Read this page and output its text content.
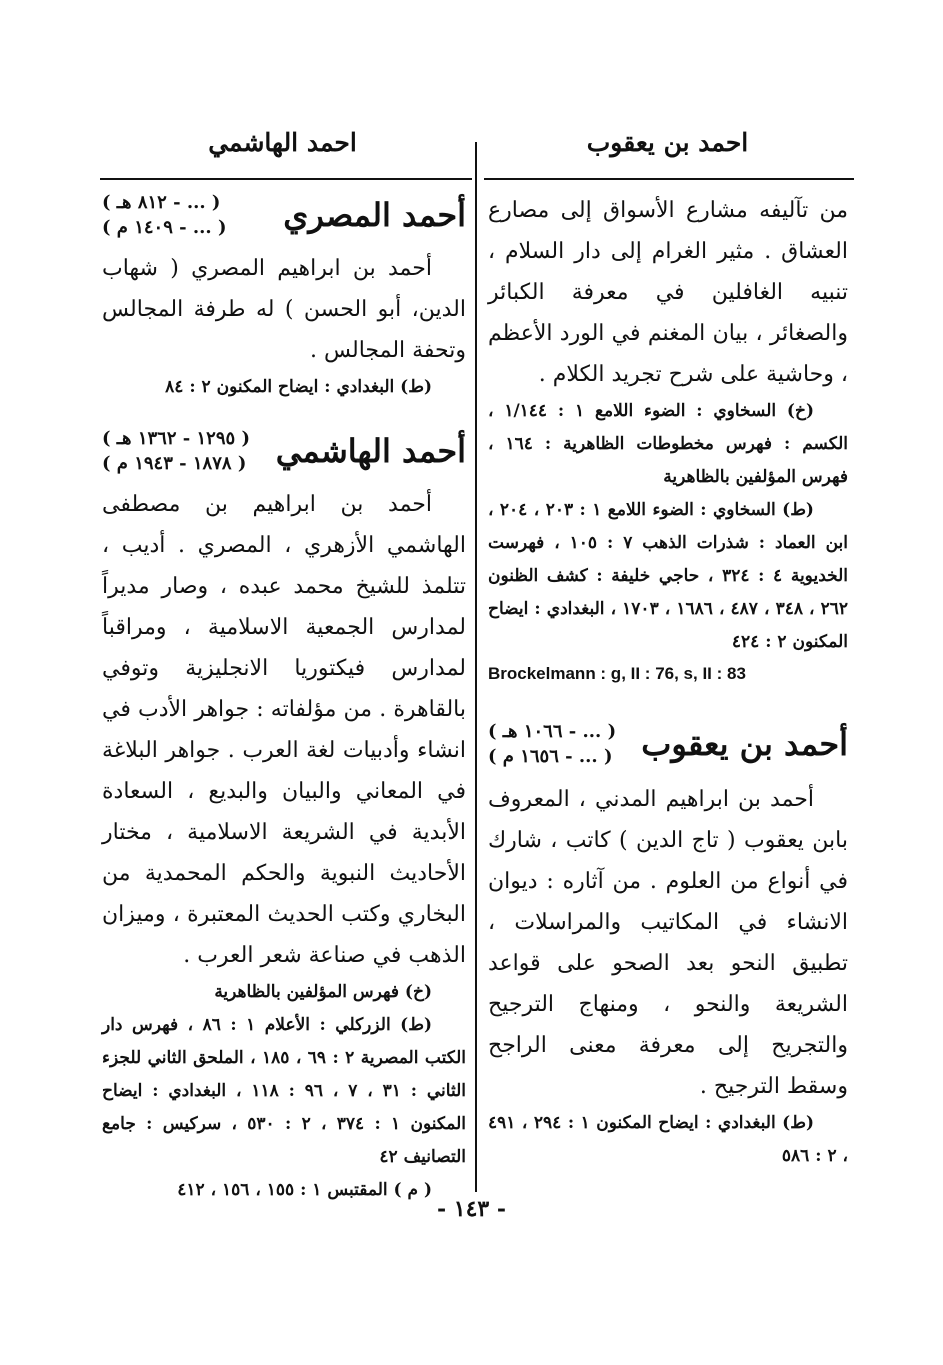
احمد بن يعقوب
احمد الهاشمي

من تآليفه مشارع الأسواق إلى مصارع العشاق . مثير الغرام إلى دار السلام ، تنبيه الغافلين في معرفة الكبائر والصغائر ، بيان المغنم في الورد الأعظم ، وحاشية على شرح تجريد الكلام .

(خ) السخاوي : الضوء اللامع ١ : ١/١٤٤ ، الكسم : فهرس مخطوطات الظاهرية : ١٦٤ ، فهرس المؤلفين بالظاهرية

(ط) السخاوي : الضوء اللامع ١ : ٢٠٣ ، ٢٠٤ ، ابن العماد : شذرات الذهب ٧ : ١٠٥ ، فهرست الخديوية ٤ : ٣٢٤ ، حاجي خليفة : كشف الظنون ٢٦٢ ، ٣٤٨ ، ٤٨٧ ، ١٦٨٦ ، ١٧٠٣ ، البغدادي : ايضاح المكنون ٢ : ٤٢٤

Brockelmann : g, II : 76, s, II : 83

أحمد بن يعقوب
( ... - ١٠٦٦ هـ )
( ... - ١٦٥٦ م )

أحمد بن ابراهيم المدني ، المعروف بابن يعقوب ( تاج الدين ) كاتب ، شارك في أنواع من العلوم . من آثاره : ديوان الانشاء في المكاتيب والمراسلات ، تطبيق النحو بعد الصحو على قواعد الشريعة والنحو ، ومنهاج الترجيح والتجريح إلى معرفة معنى الراجح وسقط الترجيح .

(ط) البغدادي : ايضاح المكنون ١ : ٢٩٤ ، ٤٩١ ، ٢ : ٥٨٦

أحمد المصري
( ... - ٨١٢ هـ )
( ... - ١٤٠٩ م )

أحمد بن ابراهيم المصري ( شهاب الدين، أبو الحسن ) له طرفة المجالس وتحفة المجالس .

(ط) البغدادي : ايضاح المكنون ٢ : ٨٤

أحمد الهاشمي
( ١٢٩٥ - ١٣٦٢ هـ )
( ١٨٧٨ - ١٩٤٣ م )

أحمد بن ابراهيم بن مصطفى الهاشمي الأزهري ، المصري . أديب ، تتلمذ للشيخ محمد عبده ، وصار مديراً لمدارس الجمعية الاسلامية ، ومراقباً لمدارس فيكتوريا الانجليزية وتوفي بالقاهرة . من مؤلفاته : جواهر الأدب في انشاء وأدبيات لغة العرب . جواهر البلاغة في المعاني والبيان والبديع ، السعادة الأبدية في الشريعة الاسلامية ، مختار الأحاديث النبوية والحكم المحمدية من البخاري وكتب الحديث المعتبرة ، وميزان الذهب في صناعة شعر العرب .

(خ) فهرس المؤلفين بالظاهرية

(ط) الزركلي : الأعلام ١ : ٨٦ ، فهرس دار الكتب المصرية ٢ : ٦٩ ، ١٨٥ ، الملحق الثاني للجزء الثاني : ٣١ ، ٧ ، ٩٦ : ١١٨ ، البغدادي : ايضاح المكنون ١ : ٣٧٤ ، ٢ : ٥٣٠ ، سركيس : جامع التصانيف ٤٢

( م ) المقتبس ١ : ١٥٥ ، ١٥٦ ، ٤١٢

- ١٤٣ -
